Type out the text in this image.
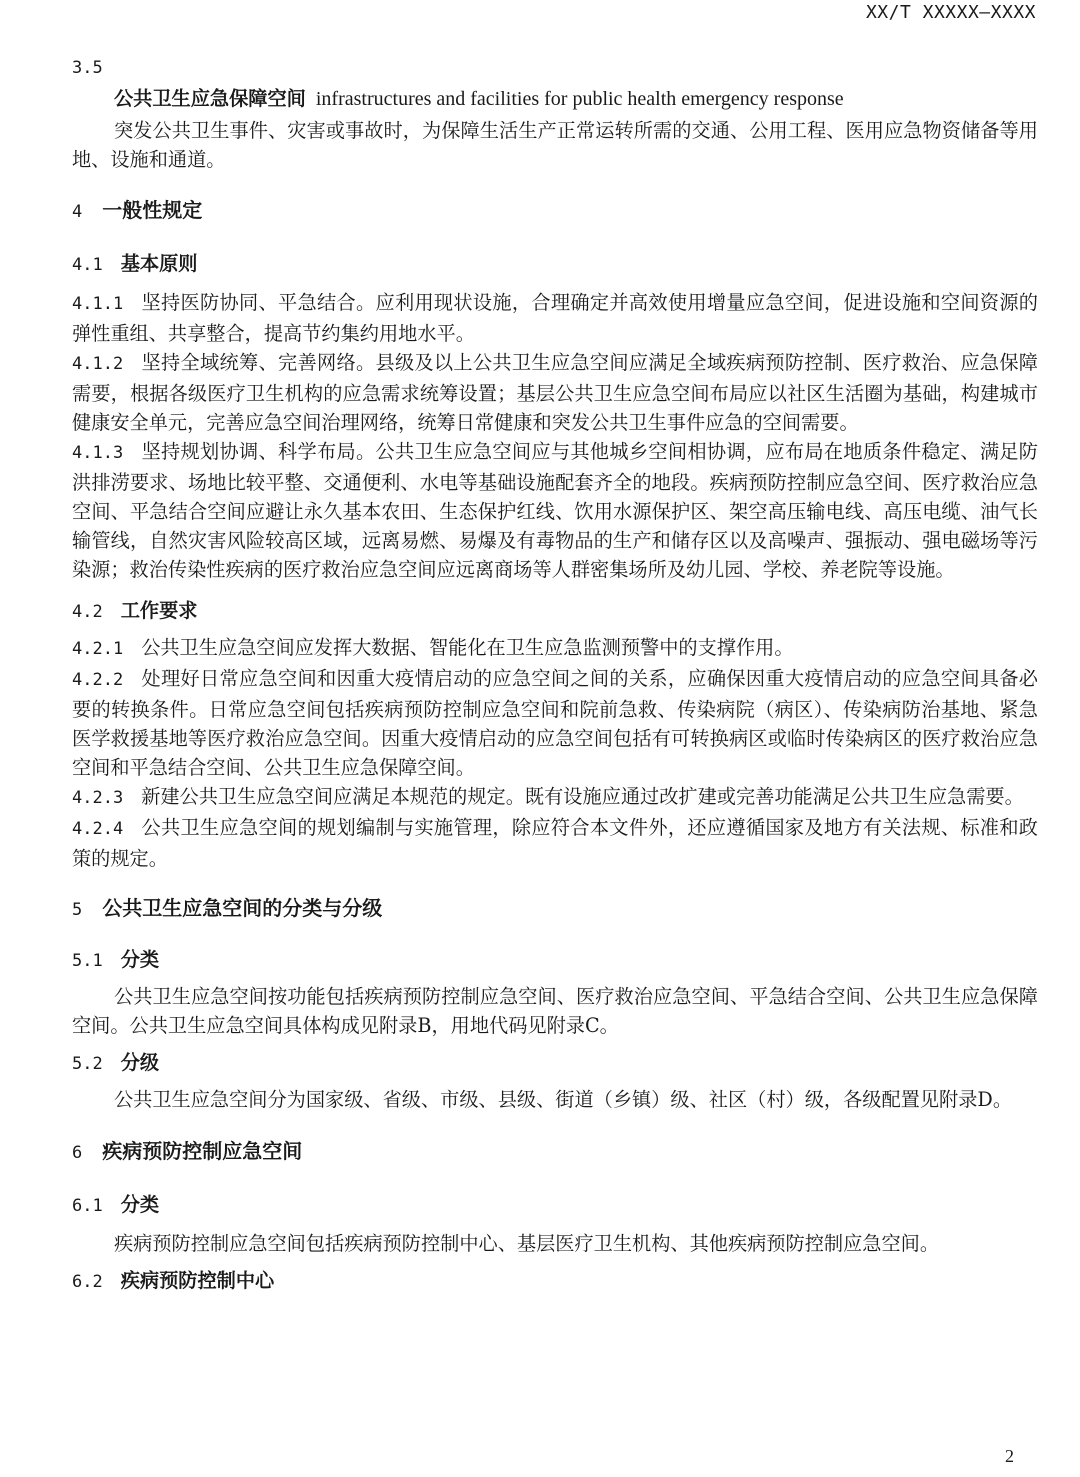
XX/T XXXXX—XXXX

3.5

公共卫生应急保障空间 infrastructures and facilities for public health emergency response

突发公共卫生事件、灾害或事故时，为保障生活生产正常运转所需的交通、公用工程、医用应急物资储备等用地、设施和通道。

4 一般性规定

4.1 基本原则

4.1.1 坚持医防协同、平急结合。应利用现状设施，合理确定并高效使用增量应急空间，促进设施和空间资源的弹性重组、共享整合，提高节约集约用地水平。

4.1.2 坚持全域统筹、完善网络。县级及以上公共卫生应急空间应满足全域疾病预防控制、医疗救治、应急保障需要，根据各级医疗卫生机构的应急需求统筹设置；基层公共卫生应急空间布局应以社区生活圈为基础，构建城市健康安全单元，完善应急空间治理网络，统筹日常健康和突发公共卫生事件应急的空间需要。

4.1.3 坚持规划协调、科学布局。公共卫生应急空间应与其他城乡空间相协调，应布局在地质条件稳定、满足防洪排涝要求、场地比较平整、交通便利、水电等基础设施配套齐全的地段。疾病预防控制应急空间、医疗救治应急空间、平急结合空间应避让永久基本农田、生态保护红线、饮用水源保护区、架空高压输电线、高压电缆、油气长输管线，自然灾害风险较高区域，远离易燃、易爆及有毒物品的生产和储存区以及高噪声、强振动、强电磁场等污染源；救治传染性疾病的医疗救治应急空间应远离商场等人群密集场所及幼儿园、学校、养老院等设施。

4.2 工作要求

4.2.1 公共卫生应急空间应发挥大数据、智能化在卫生应急监测预警中的支撑作用。

4.2.2 处理好日常应急空间和因重大疫情启动的应急空间之间的关系，应确保因重大疫情启动的应急空间具备必要的转换条件。日常应急空间包括疾病预防控制应急空间和院前急救、传染病院（病区）、传染病防治基地、紧急医学救援基地等医疗救治应急空间。因重大疫情启动的应急空间包括有可转换病区或临时传染病区的医疗救治应急空间和平急结合空间、公共卫生应急保障空间。

4.2.3 新建公共卫生应急空间应满足本规范的规定。既有设施应通过改扩建或完善功能满足公共卫生应急需要。

4.2.4 公共卫生应急空间的规划编制与实施管理，除应符合本文件外，还应遵循国家及地方有关法规、标准和政策的规定。

5 公共卫生应急空间的分类与分级

5.1 分类

公共卫生应急空间按功能包括疾病预防控制应急空间、医疗救治应急空间、平急结合空间、公共卫生应急保障空间。公共卫生应急空间具体构成见附录B，用地代码见附录C。

5.2 分级

公共卫生应急空间分为国家级、省级、市级、县级、街道（乡镇）级、社区（村）级，各级配置见附录D。

6 疾病预防控制应急空间

6.1 分类

疾病预防控制应急空间包括疾病预防控制中心、基层医疗卫生机构、其他疾病预防控制应急空间。

6.2 疾病预防控制中心

2
